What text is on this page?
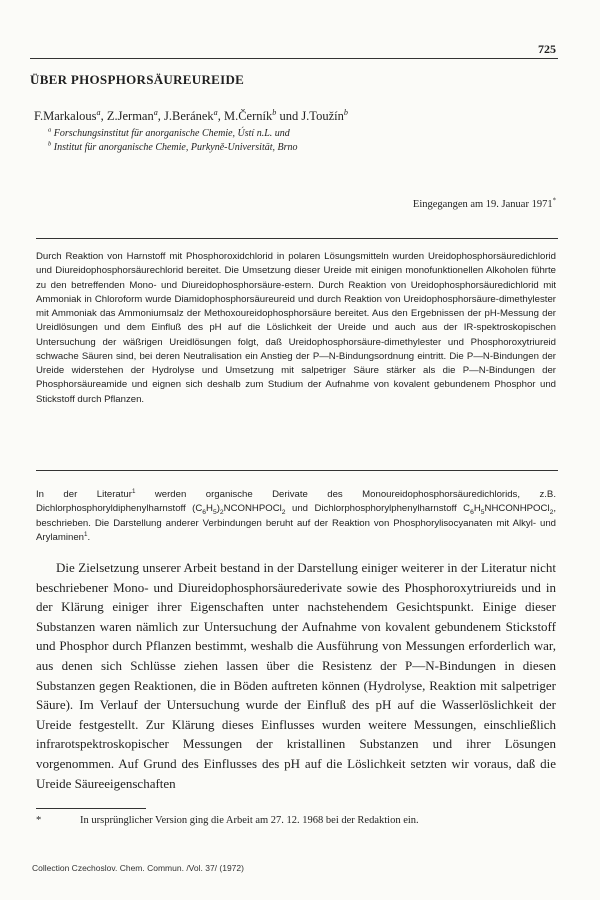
725
ÜBER PHOSPHORSÄUREUREIDE
F.Markalous$^a$, Z.Jerman$^a$, J.Beránek$^a$, M.Černík$^b$ und J.Toužín$^b$
$^a$ Forschungsinstitut für anorganische Chemie, Ústí n.L. und
$^b$ Institut für anorganische Chemie, Purkyně-Universität, Brno
Eingegangen am 19. Januar 1971*

Durch Reaktion von Harnstoff mit Phosphoroxidchlorid in polaren Lösungsmitteln wurden Ureidophosphorsäuredichlorid und Diureidophosphorsäurechlorid bereitet. Die Umsetzung dieser Ureide mit einigen monofunktionellen Alkoholen führte zu den betreffenden Mono- und Diureidophosphorsäure-estern. Durch Reaktion von Ureidophosphorsäuredichlorid mit Ammoniak in Chloroform wurde Diamidophosphorsäureureid und durch Reaktion von Ureidophosphorsäure-dimethylester mit Ammoniak das Ammoniumsalz der Methoxoureidophosphorsäure bereitet. Aus den Ergebnissen der pH-Messung der Ureidlösungen und dem Einfluß des pH auf die Löslichkeit der Ureide und auch aus der IR-spektroskopischen Untersuchung der wäßrigen Ureidlösungen folgt, daß Ureidophosphorsäure-dimethylester und Phosphoroxytriureid schwache Säuren sind, bei deren Neutralisation ein Anstieg der P—N-Bindungsordnung eintritt. Die P—N-Bindungen der Ureide widerstehen der Hydrolyse und Umsetzung mit salpetriger Säure stärker als die P—N-Bindungen der Phosphorsäureamide und eignen sich deshalb zum Studium der Aufnahme von kovalent gebundenem Phosphor und Stickstoff durch Pflanzen.

In der Literatur$^1$ werden organische Derivate des Monoureidophosphorsäuredichlorids, z.B. Dichlorphosphoryldiphenylharnstoff $(C_6H_5)_2NCONHPOCl_2$ und Dichlorphosphorylphenylharnstoff $C_6H_5NHCONHPOCl_2$, beschrieben. Die Darstellung anderer Verbindungen beruht auf der Reaktion von Phosphorylisocyanaten mit Alkyl- und Arylaminen$^1$.

Die Zielsetzung unserer Arbeit bestand in der Darstellung einiger weiterer in der Literatur nicht beschriebener Mono- und Diureidophosphorsäurederivate sowie des Phosphoroxytriureids und in der Klärung einiger ihrer Eigenschaften unter nachstehendem Gesichtspunkt. Einige dieser Substanzen waren nämlich zur Untersuchung der Aufnahme von kovalent gebundenem Stickstoff und Phosphor durch Pflanzen bestimmt, weshalb die Ausführung von Messungen erforderlich war, aus denen sich Schlüsse ziehen lassen über die Resistenz der P—N-Bindungen in diesen Substanzen gegen Reaktionen, die in Böden auftreten können (Hydrolyse, Reaktion mit salpetriger Säure). Im Verlauf der Untersuchung wurde der Einfluß des pH auf die Wasserlöslichkeit der Ureide festgestellt. Zur Klärung dieses Einflusses wurden weitere Messungen, einschließlich infrarotspektroskopischer Messungen der kristallinen Substanzen und ihrer Lösungen vorgenommen. Auf Grund des Einflusses des pH auf die Löslichkeit setzten wir voraus, daß die Ureide Säureeigenschaften

*	In ursprünglicher Version ging die Arbeit am 27. 12. 1968 bei der Redaktion ein.
Collection Czechoslov. Chem. Commun. /Vol. 37/ (1972)
